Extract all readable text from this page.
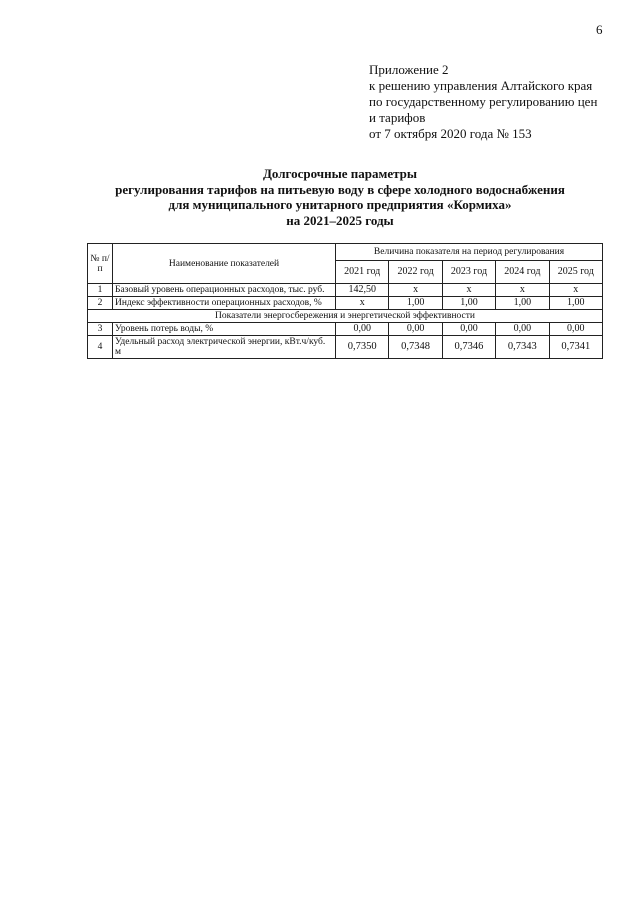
6
Приложение 2
к решению управления Алтайского края
по государственному регулированию цен
и тарифов
от 7 октября 2020 года № 153
Долгосрочные параметры
регулирования тарифов на питьевую воду в сфере холодного водоснабжения
для муниципального унитарного предприятия «Кормиха»
на 2021–2025 годы
№ п/п	Наименование показателей	Величина показателя на период регулирования				
		2021 год	2022 год	2023 год	2024 год	2025 год
1	Базовый уровень операционных расходов, тыс. руб.	142,50	х	х	х	х
2	Индекс эффективности операционных расходов, %	х	1,00	1,00	1,00	1,00
Показатели энергосбережения и энергетической эффективности						
3	Уровень потерь воды, %	0,00	0,00	0,00	0,00	0,00
4	Удельный расход электрической энергии, кВт.ч/куб. м	0,7350	0,7348	0,7346	0,7343	0,7341
